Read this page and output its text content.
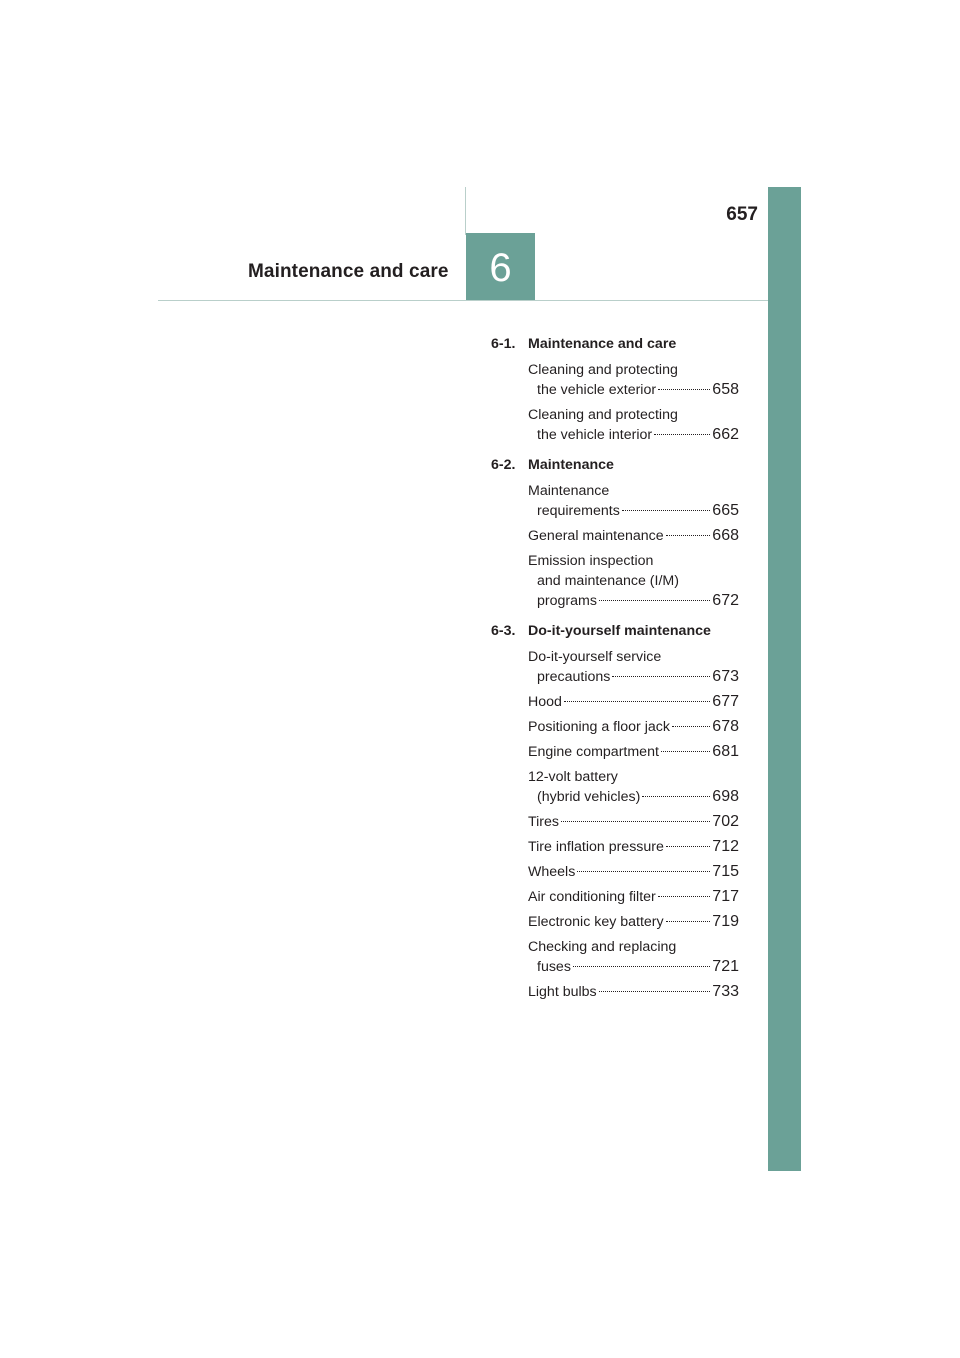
657
Maintenance and care	6
6-1. Maintenance and care
Cleaning and protecting
the vehicle exterior	658
Cleaning and protecting
the vehicle interior	662
6-2. Maintenance
Maintenance
requirements	665
General maintenance	668
Emission inspection
and maintenance (I/M)
programs	672
6-3. Do-it-yourself maintenance
Do-it-yourself service
precautions	673
Hood	677
Positioning a floor jack	678
Engine compartment	681
12-volt battery
(hybrid vehicles)	698
Tires	702
Tire inflation pressure	712
Wheels	715
Air conditioning filter	717
Electronic key battery	719
Checking and replacing
fuses	721
Light bulbs	733
